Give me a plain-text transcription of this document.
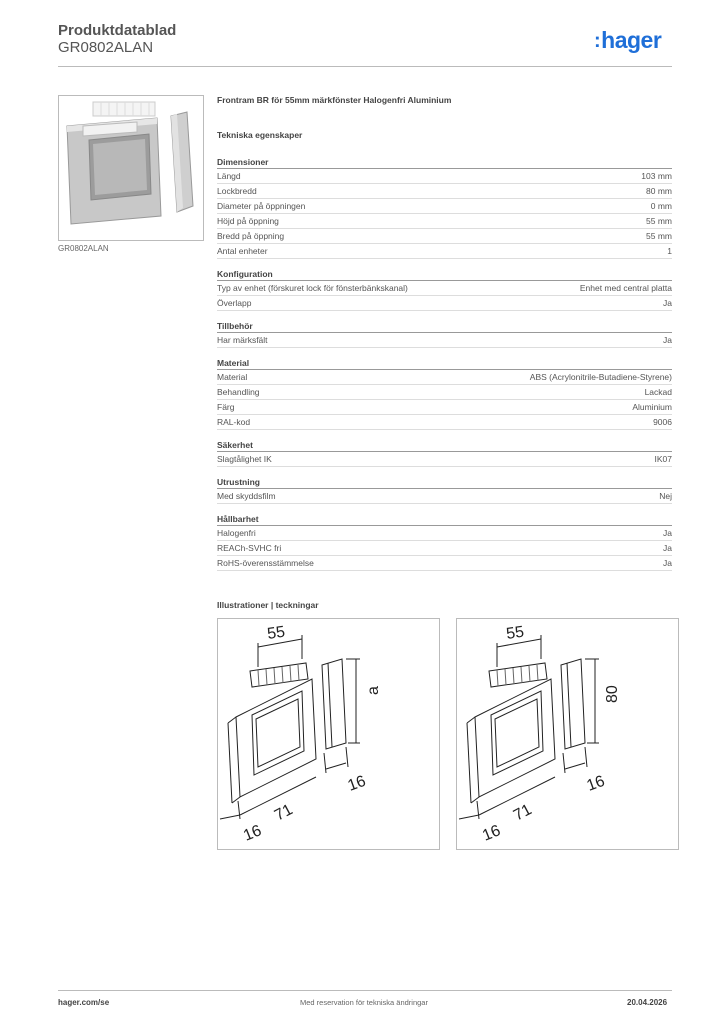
Produktdatablad
GR0802ALAN	:hager
GR0802ALAN
Frontram BR för 55mm märkfönster Halogenfri Aluminium
Tekniska egenskaper
Dimensioner
Längd	103 mm
Lockbredd	80 mm
Diameter på öppningen	0 mm
Höjd på öppning	55 mm
Bredd på öppning	55 mm
Antal enheter	1
Konfiguration
Typ av enhet (förskuret lock för fönsterbänkskanal)	Enhet med central platta
Överlapp	Ja
Tillbehör
Har märksfält	Ja
Material
Material	ABS (Acrylonitrile-Butadiene-Styrene)
Behandling	Lackad
Färg	Aluminium
RAL-kod	9006
Säkerhet
Slagtålighet IK	IK07
Utrustning
Med skyddsfilm	Nej
Hållbarhet
Halogenfri	Ja
REACh-SVHC fri	Ja
RoHS-överensstämmelse	Ja
Illustrationer | teckningar
55
a
16
71
16
55
80
16
71
16
hager.com/se	Med reservation för tekniska ändringar	20.04.2026
